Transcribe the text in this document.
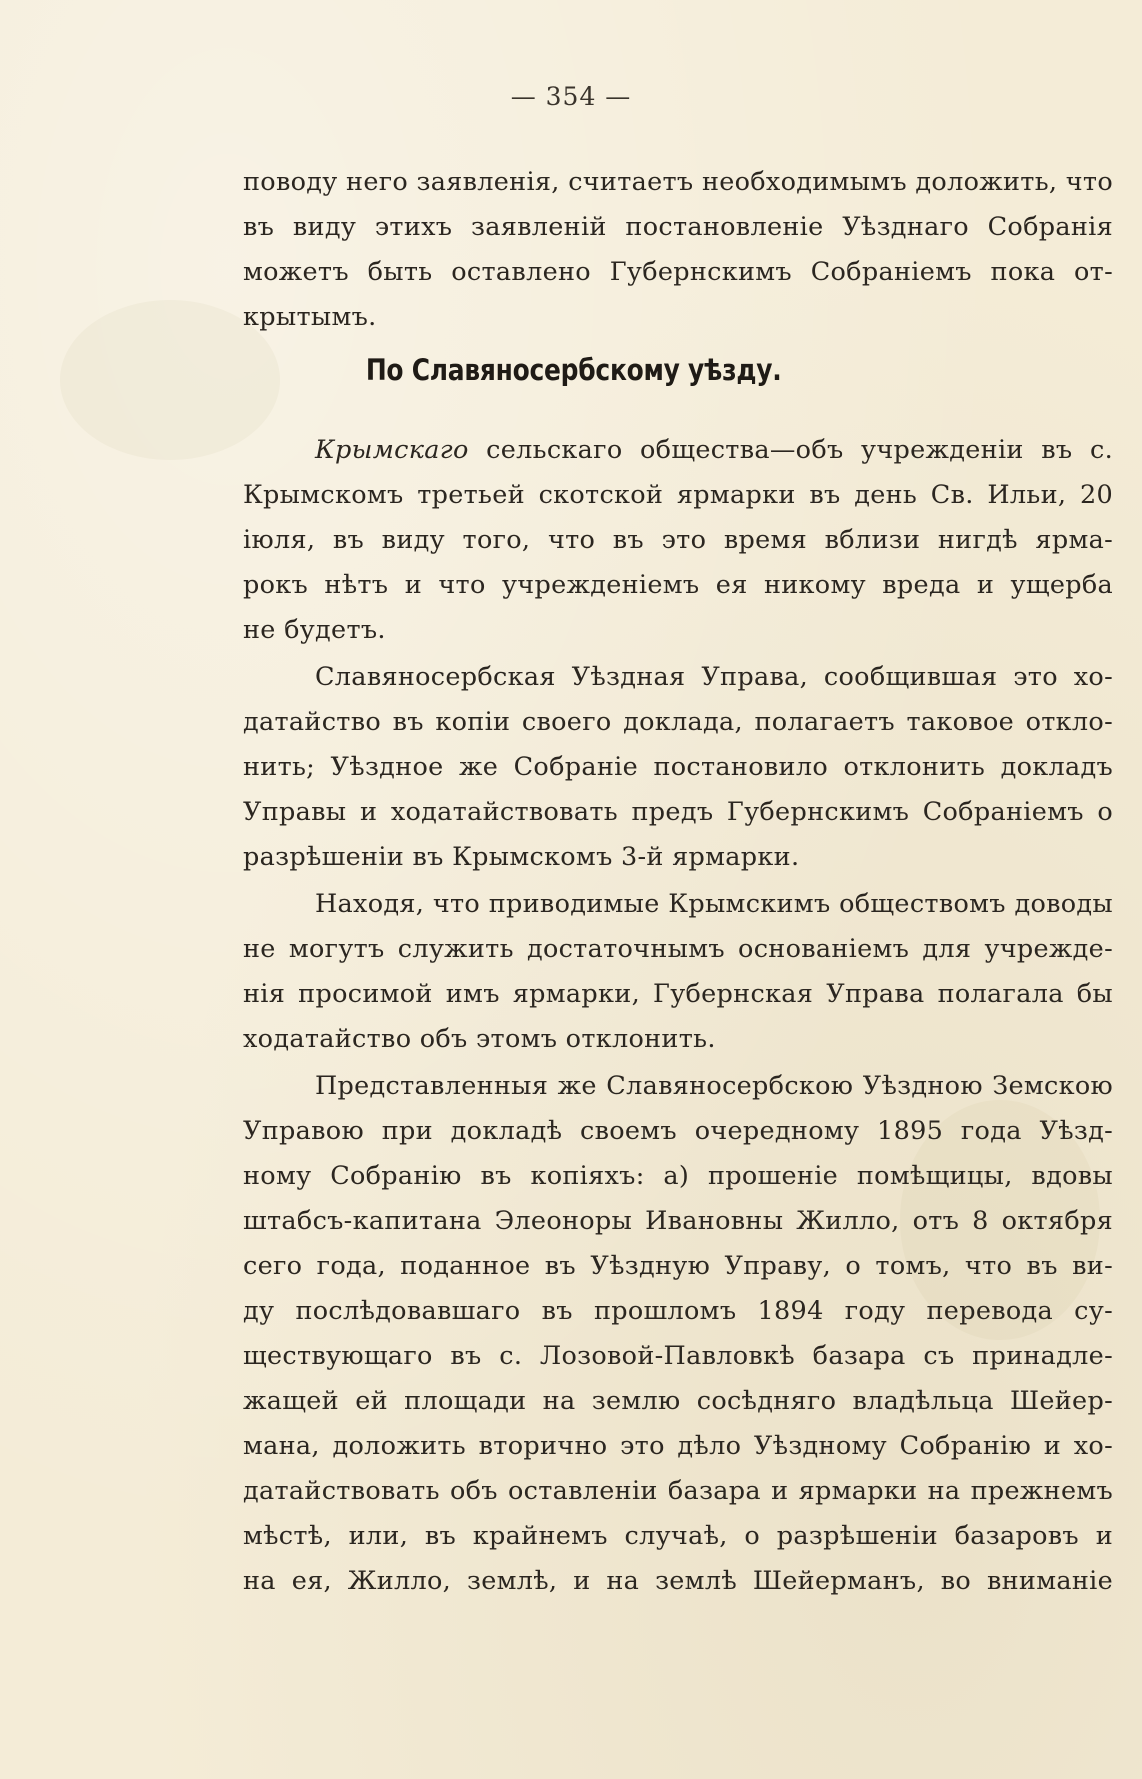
— 354 —
поводу него заявленія, считаетъ необходимымъ доложить, что
въ виду этихъ заявленій постановленіе Уѣзднаго Собранія
можетъ быть оставлено Губернскимъ Собраніемъ пока от-
крытымъ.
По Славяносербскому уѣзду.
Крымскаго сельскаго общества—объ учрежденіи въ с.
Крымскомъ третьей скотской ярмарки въ день Св. Ильи, 20
іюля, въ виду того, что въ это время вблизи нигдѣ ярма-
рокъ нѣтъ и что учрежденіемъ ея никому вреда и ущерба
не будетъ.
Славяносербская Уѣздная Управа, сообщившая это хо-
датайство въ копіи своего доклада, полагаетъ таковое откло-
нить; Уѣздное же Собраніе постановило отклонить докладъ
Управы и ходатайствовать предъ Губернскимъ Собраніемъ о
разрѣшеніи въ Крымскомъ 3-й ярмарки.
Находя, что приводимые Крымскимъ обществомъ доводы
не могутъ служить достаточнымъ основаніемъ для учрежде-
нія просимой имъ ярмарки, Губернская Управа полагала бы
ходатайство объ этомъ отклонить.
Представленныя же Славяносербскою Уѣздною Земскою
Управою при докладѣ своемъ очередному 1895 года Уѣзд-
ному Собранію въ копіяхъ: а) прошеніе помѣщицы, вдовы
штабсъ-капитана Элеоноры Ивановны Жилло, отъ 8 октября
сего года, поданное въ Уѣздную Управу, о томъ, что въ ви-
ду послѣдовавшаго въ прошломъ 1894 году перевода су-
ществующаго въ с. Лозовой-Павловкѣ базара съ принадле-
жащей ей площади на землю сосѣдняго владѣльца Шейер-
мана, доложить вторично это дѣло Уѣздному Собранію и хо-
датайствовать объ оставленіи базара и ярмарки на прежнемъ
мѣстѣ, или, въ крайнемъ случаѣ, о разрѣшеніи базаровъ и
на ея, Жилло, землѣ, и на землѣ Шейерманъ, во вниманіе
